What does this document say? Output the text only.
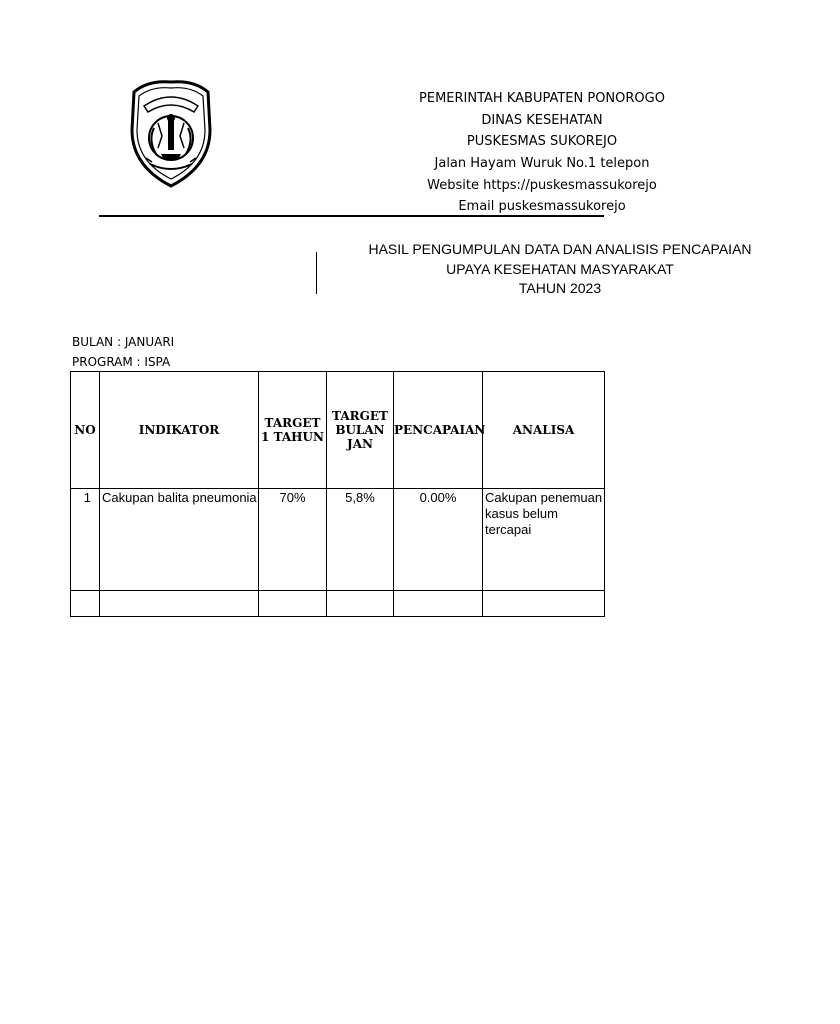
PEMERINTAH KABUPATEN PONOROGO
DINAS KESEHATAN
PUSKESMAS SUKOREJO
Jalan Hayam Wuruk No.1 telepon
Website https://puskesmassukorejo
Email puskesmassukorejo
HASIL PENGUMPULAN DATA DAN ANALISIS PENCAPAIAN
UPAYA KESEHATAN MASYARAKAT
TAHUN 2023
BULAN : JANUARI
PROGRAM : ISPA
NO	INDIKATOR	TARGET 1 TAHUN	TARGET BULAN JAN	PENCAPAIAN	ANALISA
1	Cakupan balita pneumonia	70%	5,8%	0.00%	Cakupan penemuan kasus belum tercapai
